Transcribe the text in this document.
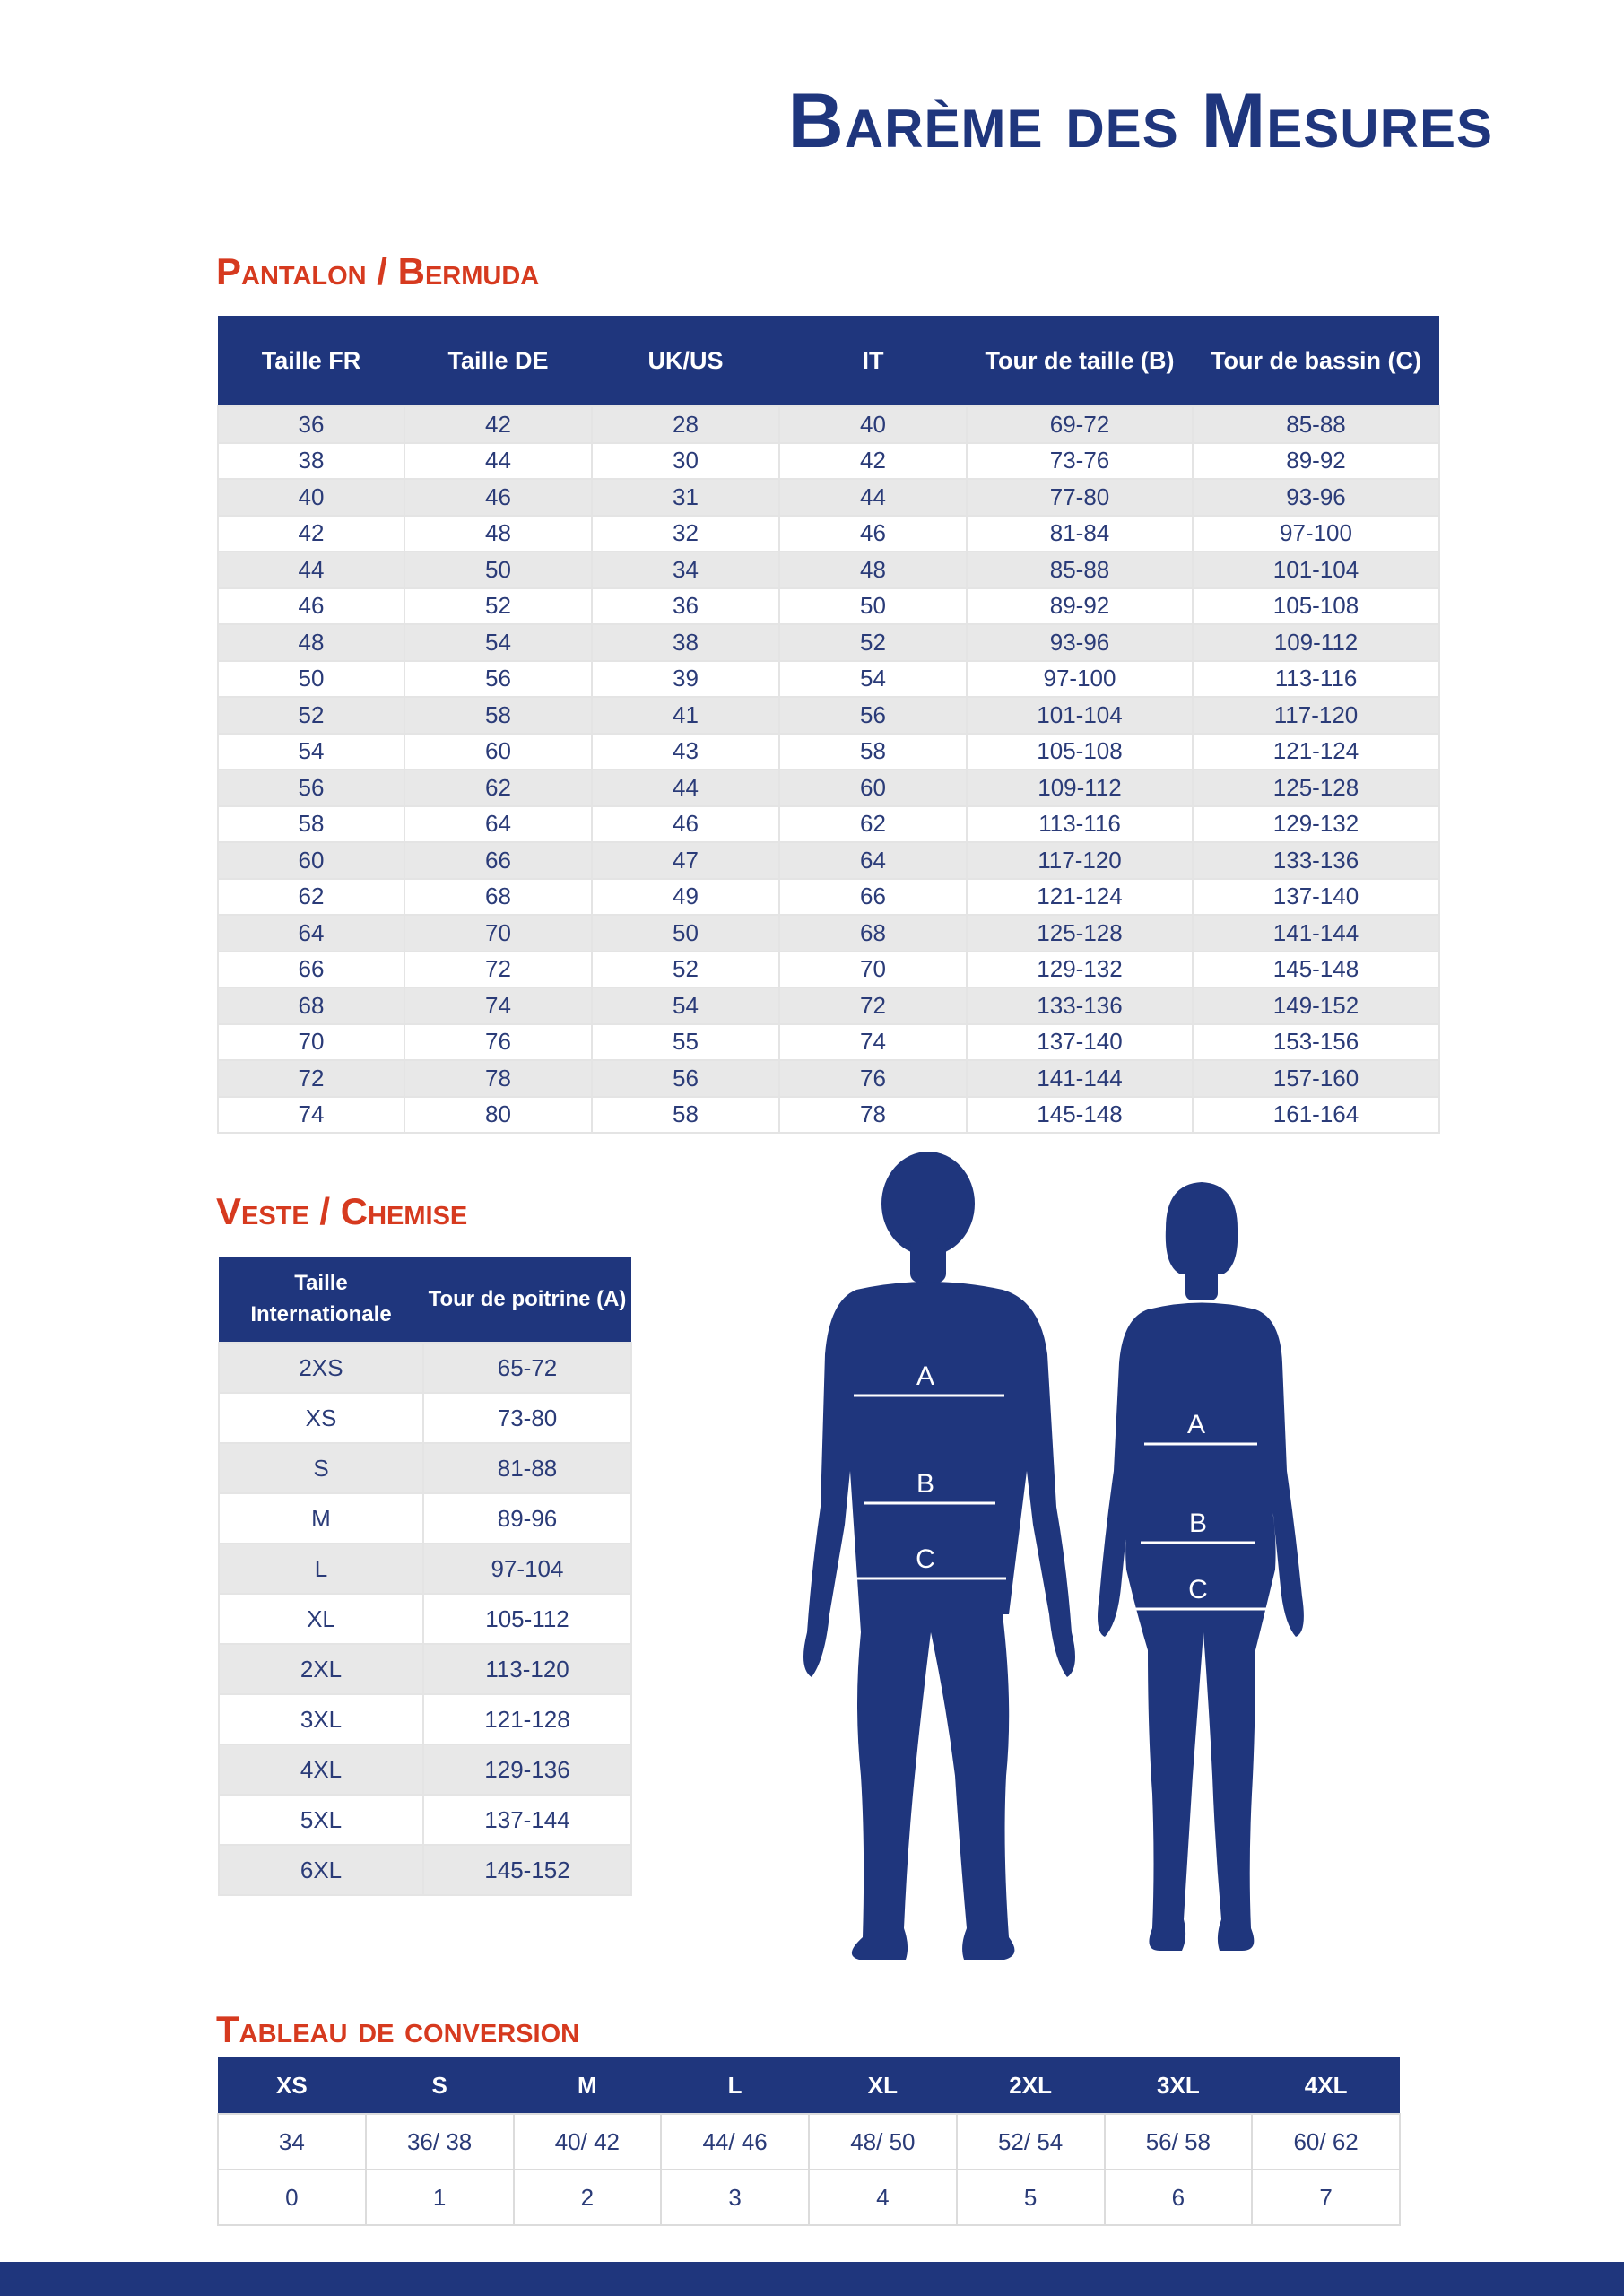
Barème des Mesures
Pantalon / Bermuda
Taille FR	Taille DE	UK/US	IT	Tour de taille (B)	Tour de bassin (C)
36	42	28	40	69-72	85-88
38	44	30	42	73-76	89-92
40	46	31	44	77-80	93-96
42	48	32	46	81-84	97-100
44	50	34	48	85-88	101-104
46	52	36	50	89-92	105-108
48	54	38	52	93-96	109-112
50	56	39	54	97-100	113-116
52	58	41	56	101-104	117-120
54	60	43	58	105-108	121-124
56	62	44	60	109-112	125-128
58	64	46	62	113-116	129-132
60	66	47	64	117-120	133-136
62	68	49	66	121-124	137-140
64	70	50	68	125-128	141-144
66	72	52	70	129-132	145-148
68	74	54	72	133-136	149-152
70	76	55	74	137-140	153-156
72	78	56	76	141-144	157-160
74	80	58	78	145-148	161-164
Veste / Chemise
Taille Internationale	Tour de poitrine (A)
2XS	65-72
XS	73-80
S	81-88
M	89-96
L	97-104
XL	105-112
2XL	113-120
3XL	121-128
4XL	129-136
5XL	137-144
6XL	145-152
A
B
C
A
B
C
Tableau de conversion
XS	S	M	L	XL	2XL	3XL	4XL
34	36/ 38	40/ 42	44/ 46	48/ 50	52/ 54	56/ 58	60/ 62
0	1	2	3	4	5	6	7
